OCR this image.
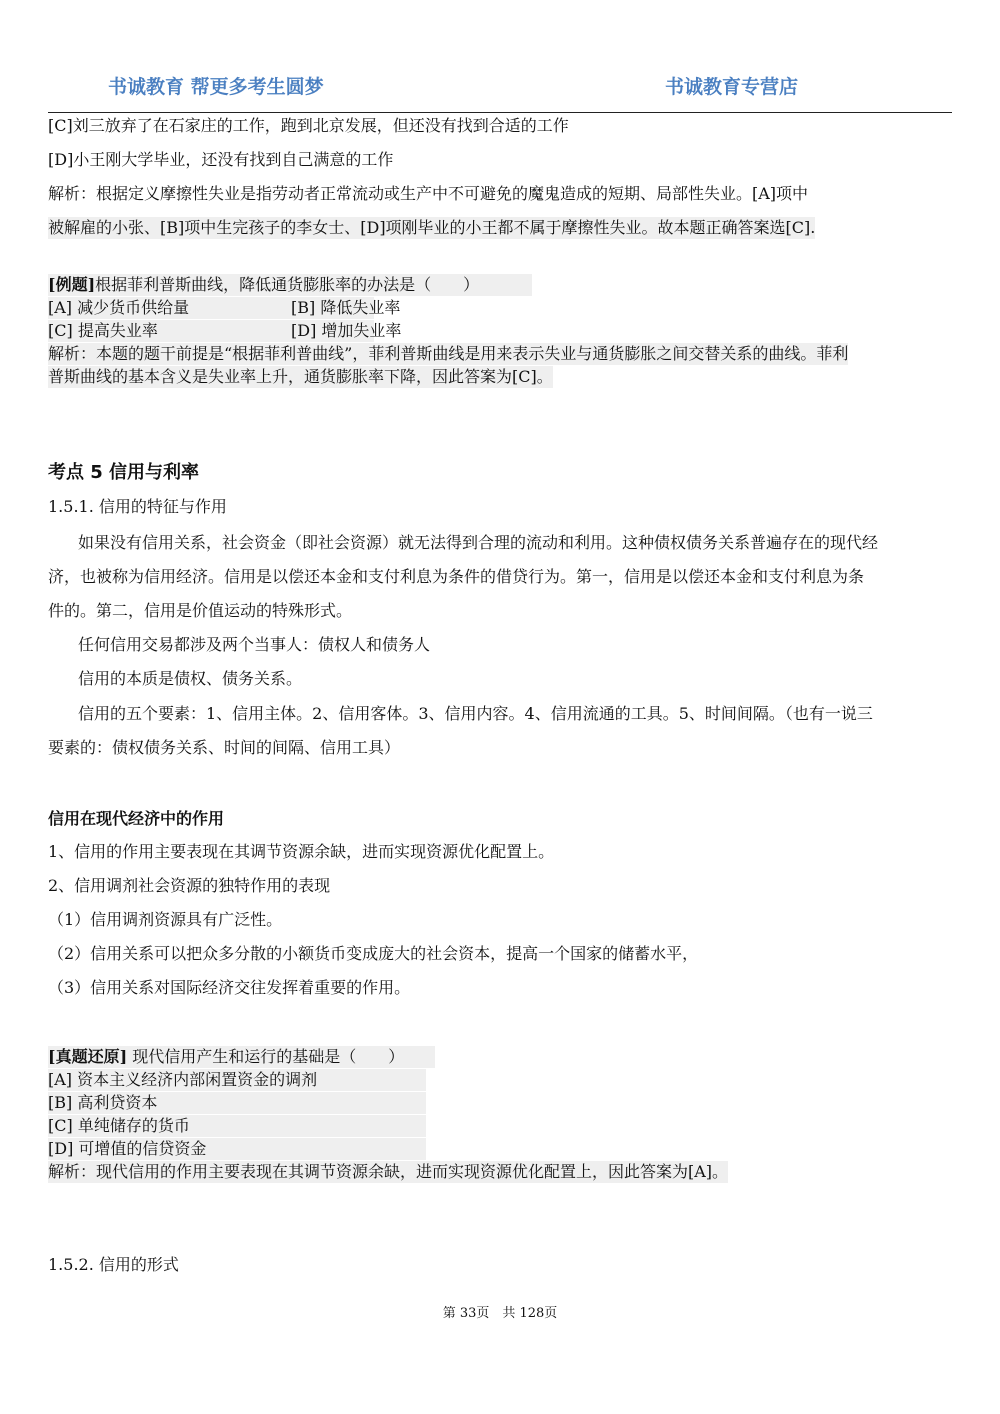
书诚教育 帮更多考生圆梦	书诚教育专营店
[C]刘三放弃了在石家庄的工作，跑到北京发展，但还没有找到合适的工作
[D]小王刚大学毕业，还没有找到自己满意的工作
解析：根据定义摩擦性失业是指劳动者正常流动或生产中不可避免的魔鬼造成的短期、局部性失业。[A]项中
被解雇的小张、[B]项中生完孩子的李女士、[D]项刚毕业的小王都不属于摩擦性失业。故本题正确答案选[C].
[例题]根据菲利普斯曲线，降低通货膨胀率的办法是（　　）
[A] 减少货币供给量	[B] 降低失业率
[C] 提高失业率	[D] 增加失业率
解析：本题的题干前提是“根据菲利普曲线”，菲利普斯曲线是用来表示失业与通货膨胀之间交替关系的曲线。菲利
普斯曲线的基本含义是失业率上升，通货膨胀率下降，因此答案为[C]。
考点 5 信用与利率
1.5.1. 信用的特征与作用
如果没有信用关系，社会资金（即社会资源）就无法得到合理的流动和利用。这种债权债务关系普遍存在的现代经
济，也被称为信用经济。信用是以偿还本金和支付利息为条件的借贷行为。第一，信用是以偿还本金和支付利息为条
件的。第二，信用是价值运动的特殊形式。
任何信用交易都涉及两个当事人：债权人和债务人
信用的本质是债权、债务关系。
信用的五个要素：1、信用主体。2、信用客体。3、信用内容。4、信用流通的工具。5、时间间隔。（也有一说三
要素的：债权债务关系、时间的间隔、信用工具）
信用在现代经济中的作用
1、信用的作用主要表现在其调节资源余缺，进而实现资源优化配置上。
2、信用调剂社会资源的独特作用的表现
（1）信用调剂资源具有广泛性。
（2）信用关系可以把众多分散的小额货币变成庞大的社会资本，提高一个国家的储蓄水平，
（3）信用关系对国际经济交往发挥着重要的作用。
[真题还原] 现代信用产生和运行的基础是（　　）
[A] 资本主义经济内部闲置资金的调剂
[B] 高利贷资本
[C] 单纯储存的货币
[D] 可增值的信贷资金
解析：现代信用的作用主要表现在其调节资源余缺，进而实现资源优化配置上，因此答案为[A]。
1.5.2. 信用的形式
第 33页　共 128页
